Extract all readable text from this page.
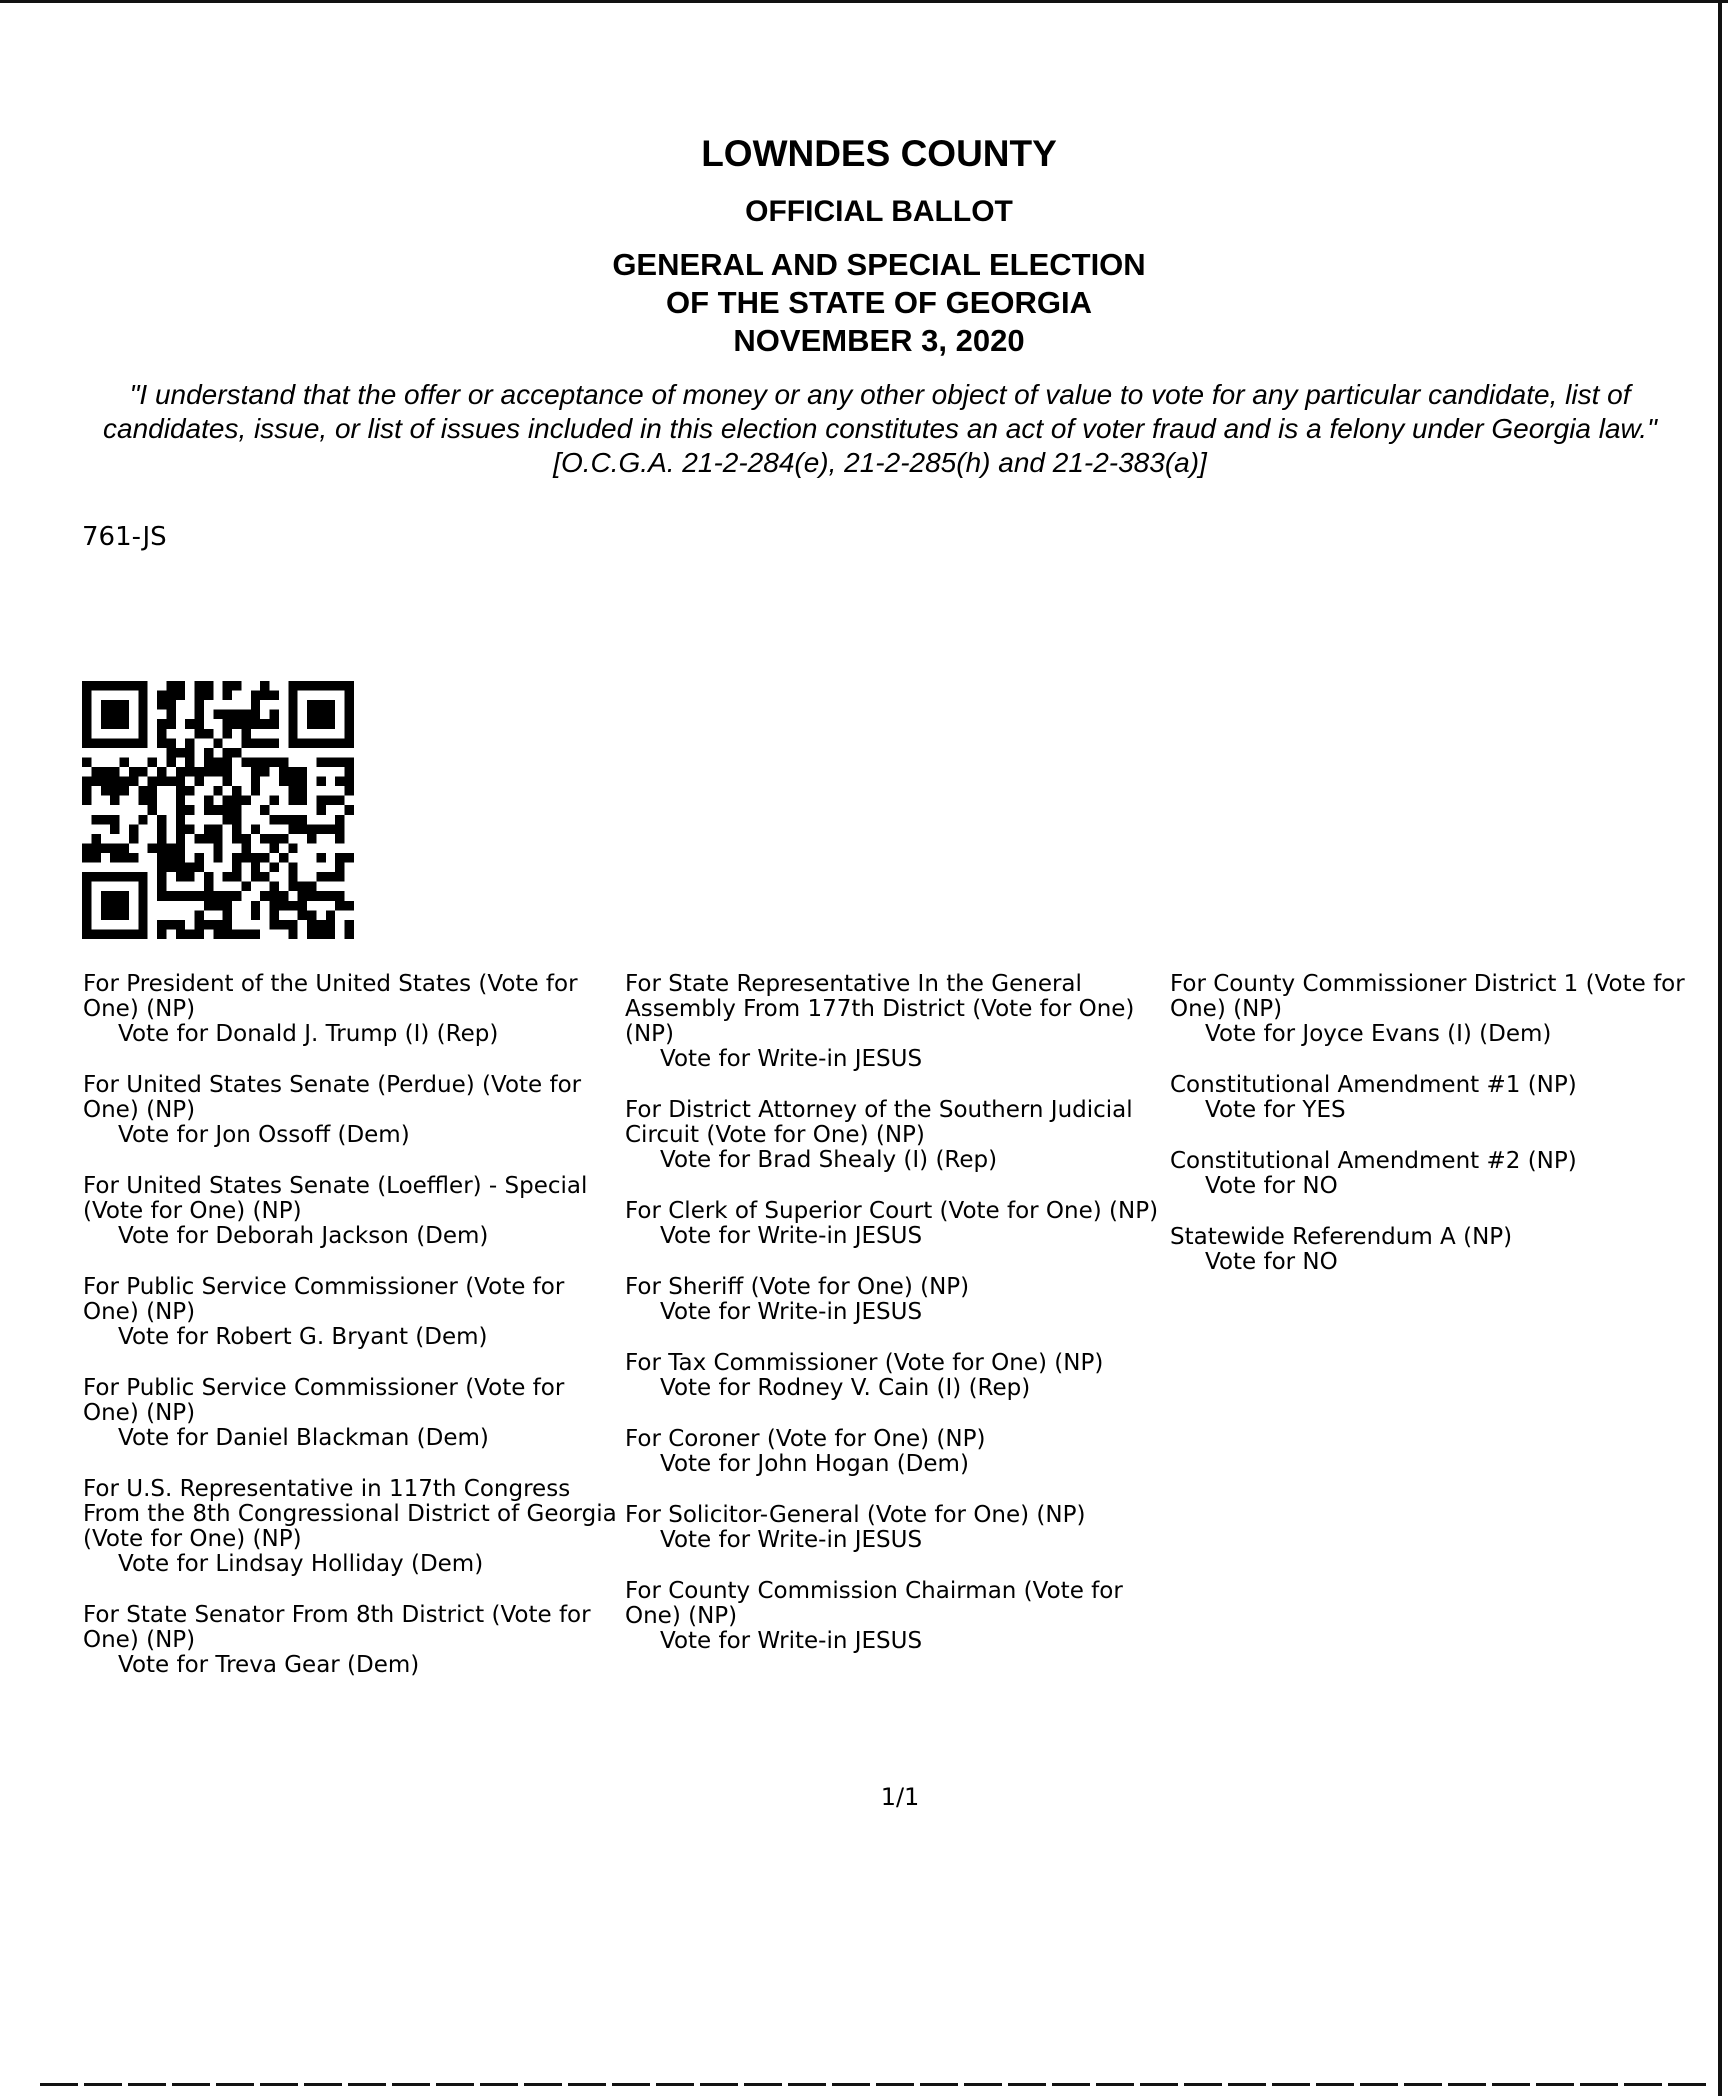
LOWNDES COUNTY
OFFICIAL BALLOT
GENERAL AND SPECIAL ELECTION
OF THE STATE OF GEORGIA
NOVEMBER 3, 2020
"I understand that the offer or acceptance of money or any other object of value to vote for any particular candidate, list of candidates, issue, or list of issues included in this election constitutes an act of voter fraud and is a felony under Georgia law." [O.C.G.A. 21-2-284(e), 21-2-285(h) and 21-2-383(a)]
761-JS
For President of the United States (Vote for One) (NP)
Vote for Donald J. Trump (I) (Rep)
For United States Senate (Perdue) (Vote for One) (NP)
Vote for Jon Ossoff (Dem)
For United States Senate (Loeffler) - Special (Vote for One) (NP)
Vote for Deborah Jackson (Dem)
For Public Service Commissioner (Vote for One) (NP)
Vote for Robert G. Bryant (Dem)
For Public Service Commissioner (Vote for One) (NP)
Vote for Daniel Blackman (Dem)
For U.S. Representative in 117th Congress From the 8th Congressional District of Georgia (Vote for One) (NP)
Vote for Lindsay Holliday (Dem)
For State Senator From 8th District (Vote for One) (NP)
Vote for Treva Gear (Dem)
For State Representative In the General Assembly From 177th District (Vote for One) (NP)
Vote for Write-in JESUS
For District Attorney of the Southern Judicial Circuit (Vote for One) (NP)
Vote for Brad Shealy (I) (Rep)
For Clerk of Superior Court (Vote for One) (NP)
Vote for Write-in JESUS
For Sheriff (Vote for One) (NP)
Vote for Write-in JESUS
For Tax Commissioner (Vote for One) (NP)
Vote for Rodney V. Cain (I) (Rep)
For Coroner (Vote for One) (NP)
Vote for John Hogan (Dem)
For Solicitor-General (Vote for One) (NP)
Vote for Write-in JESUS
For County Commission Chairman (Vote for One) (NP)
Vote for Write-in JESUS
For County Commissioner District 1 (Vote for One) (NP)
Vote for Joyce Evans (I) (Dem)
Constitutional Amendment #1 (NP)
Vote for YES
Constitutional Amendment #2 (NP)
Vote for NO
Statewide Referendum A (NP)
Vote for NO
1/1
